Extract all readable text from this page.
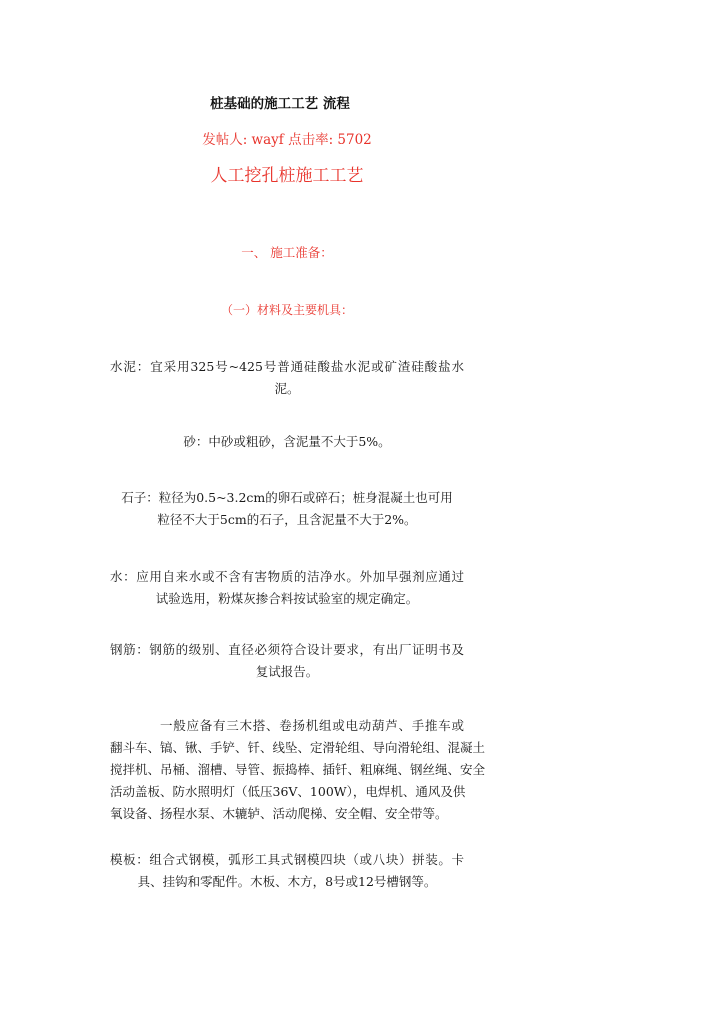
桩基础的施工工艺 流程
发帖人: wayf 点击率: 5702
人工挖孔桩施工工艺
一、 施工准备：
（一）材料及主要机具：
水泥：宜采用325号~425号普通硅酸盐水泥或矿渣硅酸盐水
泥。
砂：中砂或粗砂，含泥量不大于5%。
石子：粒径为0.5~3.2cm的卵石或碎石；桩身混凝土也可用
粒径不大于5cm的石子，且含泥量不大于2%。
水：应用自来水或不含有害物质的洁净水。外加早强剂应通过
试验选用，粉煤灰掺合料按试验室的规定确定。
钢筋：钢筋的级别、直径必须符合设计要求，有出厂证明书及
复试报告。
一般应备有三木搭、卷扬机组或电动葫芦、手推车或
翻斗车、镐、锹、手铲、钎、线坠、定滑轮组、导向滑轮组、混凝土
搅拌机、吊桶、溜槽、导管、振捣棒、插钎、粗麻绳、钢丝绳、安全
活动盖板、防水照明灯（低压36V、100W），电焊机、通风及供
氧设备、扬程水泵、木辘轳、活动爬梯、安全帽、安全带等。
模板：组合式钢模，弧形工具式钢模四块（或八块）拼装。卡
具、挂钩和零配件。木板、木方，8号或12号槽钢等。
